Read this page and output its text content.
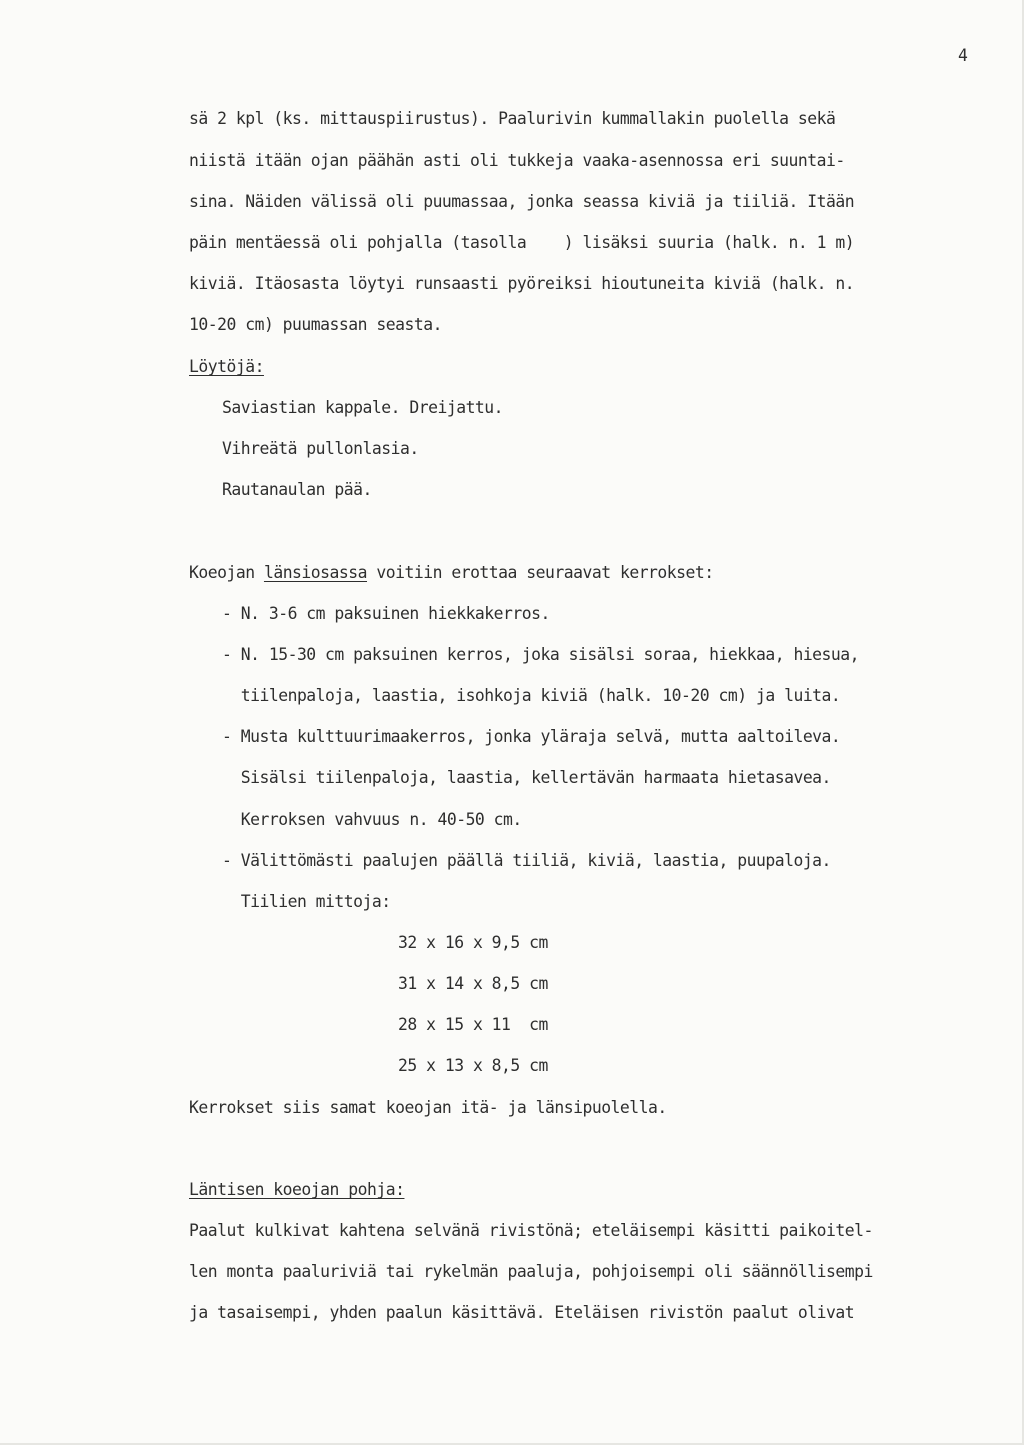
4

sä 2 kpl (ks. mittauspiirustus). Paalurivin kummallakin puolella sekä

niistä itään ojan päähän asti oli tukkeja vaaka-asennossa eri suuntai-

sina. Näiden välissä oli puumassaa, jonka seassa kiviä ja tiiliä. Itään

päin mentäessä oli pohjalla (tasolla    ) lisäksi suuria (halk. n. 1 m)

kiviä. Itäosasta löytyi runsaasti pyöreiksi hioutuneita kiviä (halk. n.

10-20 cm) puumassan seasta.

Löytöjä:

Saviastian kappale. Dreijattu.

Vihreätä pullonlasia.

Rautanaulan pää.

Koeojan länsiosassa voitiin erottaa seuraavat kerrokset:

- N. 3-6 cm paksuinen hiekkakerros.

- N. 15-30 cm paksuinen kerros, joka sisälsi soraa, hiekkaa, hiesua,

tiilenpaloja, laastia, isohkoja kiviä (halk. 10-20 cm) ja luita.

- Musta kulttuurimaakerros, jonka yläraja selvä, mutta aaltoileva.

Sisälsi tiilenpaloja, laastia, kellertävän harmaata hietasavea.

Kerroksen vahvuus n. 40-50 cm.

- Välittömästi paalujen päällä tiiliä, kiviä, laastia, puupaloja.

Tiilien mittoja:

32 x 16 x 9,5 cm

31 x 14 x 8,5 cm

28 x 15 x 11  cm

25 x 13 x 8,5 cm

Kerrokset siis samat koeojan itä- ja länsipuolella.

Läntisen koeojan pohja:

Paalut kulkivat kahtena selvänä rivistönä; eteläisempi käsitti paikoitel-

len monta paaluriviä tai rykelmän paaluja, pohjoisempi oli säännöllisempi

ja tasaisempi, yhden paalun käsittävä. Eteläisen rivistön paalut olivat
